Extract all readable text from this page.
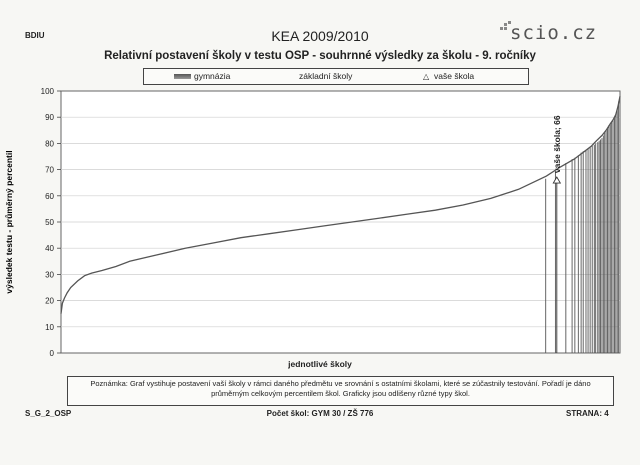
BDIU	KEA 2009/2010	scio.cz
Relativní postavení školy v testu OSP - souhrnné výsledky za školu - 9. ročníky
gymnázia	základní školy	△ vaše škola
0
10
20
30
40
50
60
70
80
90
100
vaše škola; 66
výsledek testu - průměrný percentil
jednotlivé školy
Poznámka: Graf vystihuje postavení vaší školy v rámci daného předmětu ve srovnání s ostatními školami, které se zúčastnily testování. Pořadí je dáno
průměrným celkovým percentilem škol. Graficky jsou odlišeny různé typy škol.
S_G_2_OSP	Počet škol: GYM 30 / ZŠ 776	STRANA: 4
